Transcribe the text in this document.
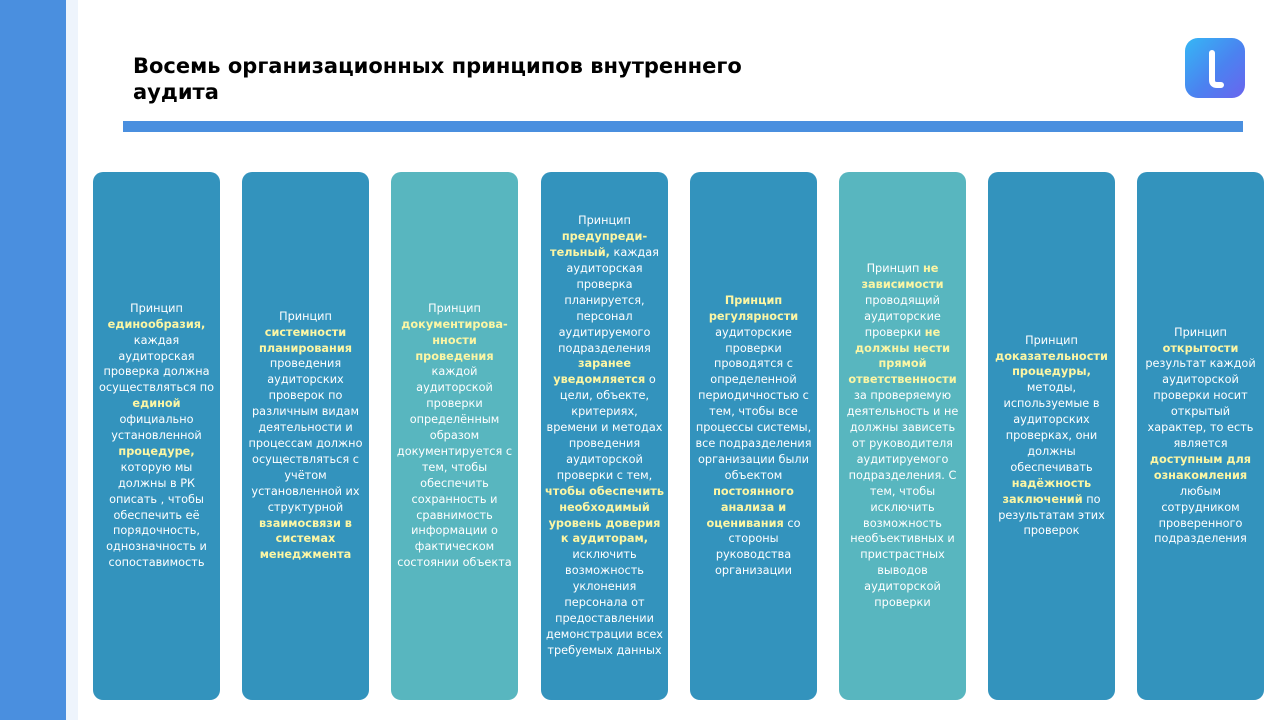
Восемь организационных принципов внутреннего аудита
Принцип единообразия, каждая аудиторская проверка должна осуществляться по единой официально установленной процедуре, которую мы должны в РК описать , чтобы обеспечить её порядочность, однозначность и сопоставимость
Принцип системности планирования проведения аудиторских проверок по различным видам деятельности и процессам должно осуществляться с учётом установленной их структурной взаимосвязи в системах менеджмента
Принцип документированности проведения каждой аудиторской проверки определённым образом документируется с тем, чтобы обеспечить сохранность и сравнимость информации о фактическом состоянии объекта
Принцип предупредительный, каждая аудиторская проверка планируется, персонал аудитируемого подразделения заранее уведомляется о цели, объекте, критериях, времени и методах проведения аудиторской проверки с тем, чтобы обеспечить необходимый уровень доверия к аудиторам, исключить возможность уклонения персонала от предоставлении демонстрации всех требуемых данных
Принцип регулярности аудиторские проверки проводятся с определенной периодичностью с тем, чтобы все процессы системы, все подразделения организации были объектом постоянного анализа и оценивания со стороны руководства организации
Принцип не зависимости проводящий аудиторские проверки не должны нести прямой ответственности за проверяемую деятельность и не должны зависеть от руководителя аудитируемого подразделения. С тем, чтобы исключить возможность необъективных и пристрастных выводов аудиторской проверки
Принцип доказательности процедуры, методы, используемые в аудиторских проверках, они должны обеспечивать надёжность заключений по результатам этих проверок
Принцип открытости результат каждой аудиторской проверки носит открытый характер, то есть является доступным для ознакомления любым сотрудником проверенного подразделения
